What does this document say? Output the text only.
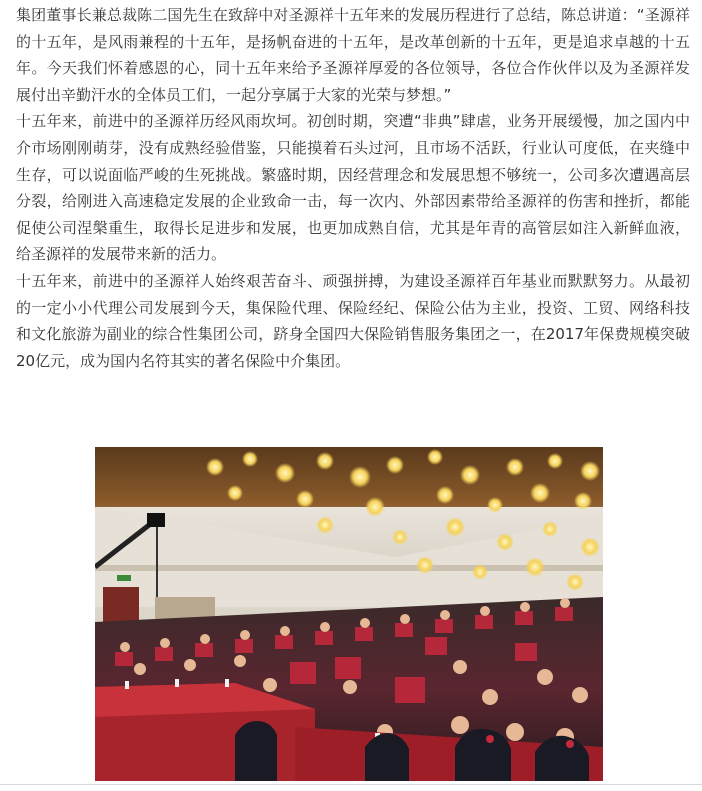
集团董事长兼总裁陈二国先生在致辞中对圣源祥十五年来的发展历程进行了总结，陈总讲道：“圣源祥的十五年，是风雨兼程的十五年，是扬帆奋进的十五年，是改革创新的十五年，更是追求卓越的十五年。今天我们怀着感恩的心，同十五年来给予圣源祥厚爱的各位领导，各位合作伙伴以及为圣源祥发展付出辛勤汗水的全体员工们，一起分享属于大家的光荣与梦想。”

十五年来，前进中的圣源祥历经风雨坎坷。初创时期，突遭“非典”肆虐，业务开展缓慢，加之国内中介市场刚刚萌芽，没有成熟经验借鉴，只能摸着石头过河，且市场不活跃，行业认可度低，在夹缝中生存，可以说面临严峻的生死挑战。繁盛时期，因经营理念和发展思想不够统一，公司多次遭遇高层分裂，给刚进入高速稳定发展的企业致命一击，每一次内、外部因素带给圣源祥的伤害和挫折，都能促使公司涅槃重生，取得长足进步和发展，也更加成熟自信，尤其是年青的高管层如注入新鲜血液，给圣源祥的发展带来新的活力。

十五年来，前进中的圣源祥人始终艰苦奋斗、顽强拼搏，为建设圣源祥百年基业而默默努力。从最初的一定小小代理公司发展到今天，集保险代理、保险经纪、保险公估为主业，投资、工贸、网络科技和文化旅游为副业的综合性集团公司，跻身全国四大保险销售服务集团之一，在2017年保费规模突破20亿元，成为国内名符其实的著名保险中介集团。
